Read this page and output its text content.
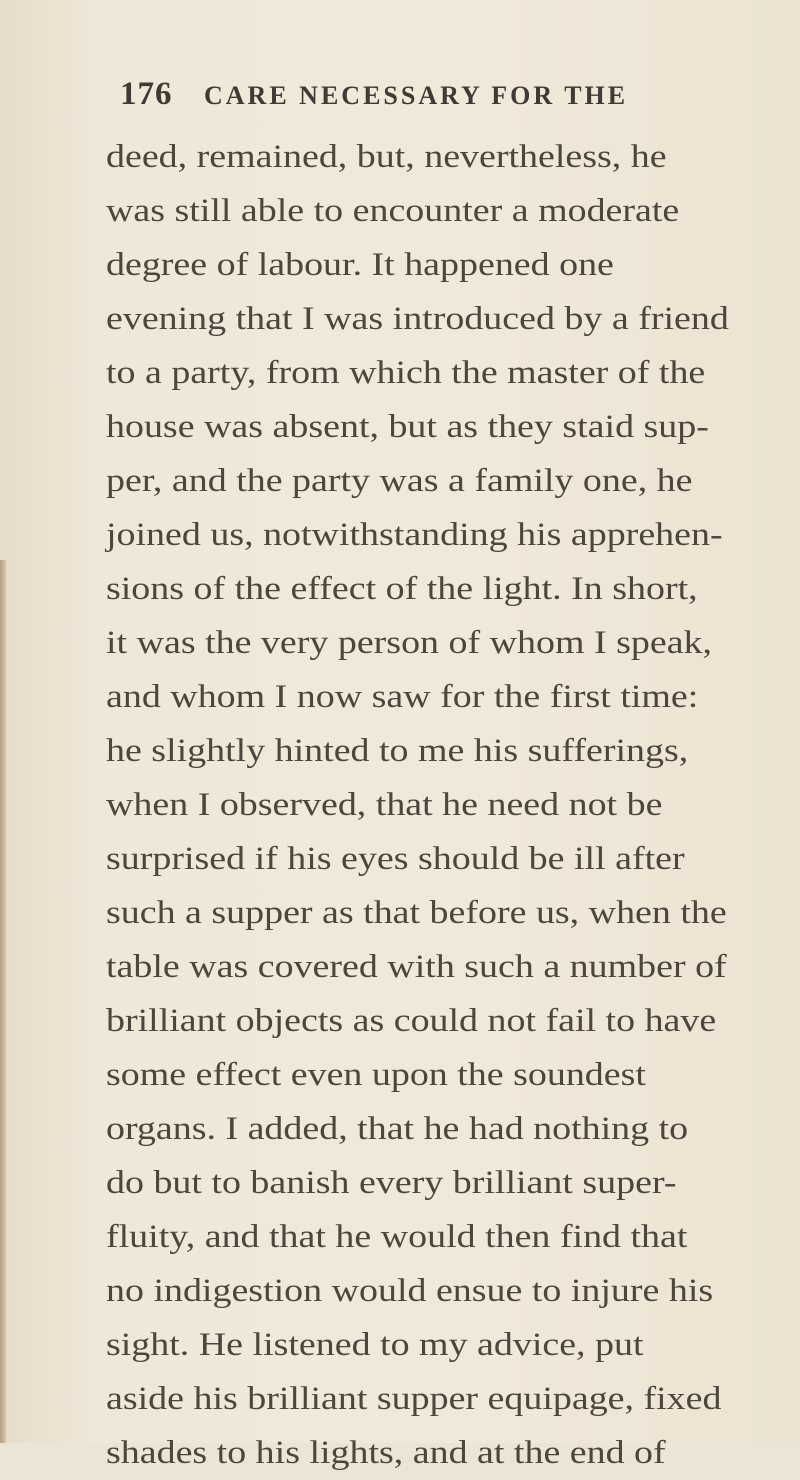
176 CARE NECESSARY FOR THE
deed, remained, but, nevertheless, he
was still able to encounter a moderate
degree of labour. It happened one
evening that I was introduced by a friend
to a party, from which the master of the
house was absent, but as they staid sup-
per, and the party was a family one, he
joined us, notwithstanding his apprehen-
sions of the effect of the light. In short,
it was the very person of whom I speak,
and whom I now saw for the first time:
he slightly hinted to me his sufferings,
when I observed, that he need not be
surprised if his eyes should be ill after
such a supper as that before us, when the
table was covered with such a number of
brilliant objects as could not fail to have
some effect even upon the soundest
organs. I added, that he had nothing to
do but to banish every brilliant super-
fluity, and that he would then find that
no indigestion would ensue to injure his
sight. He listened to my advice, put
aside his brilliant supper equipage, fixed
shades to his lights, and at the end of
